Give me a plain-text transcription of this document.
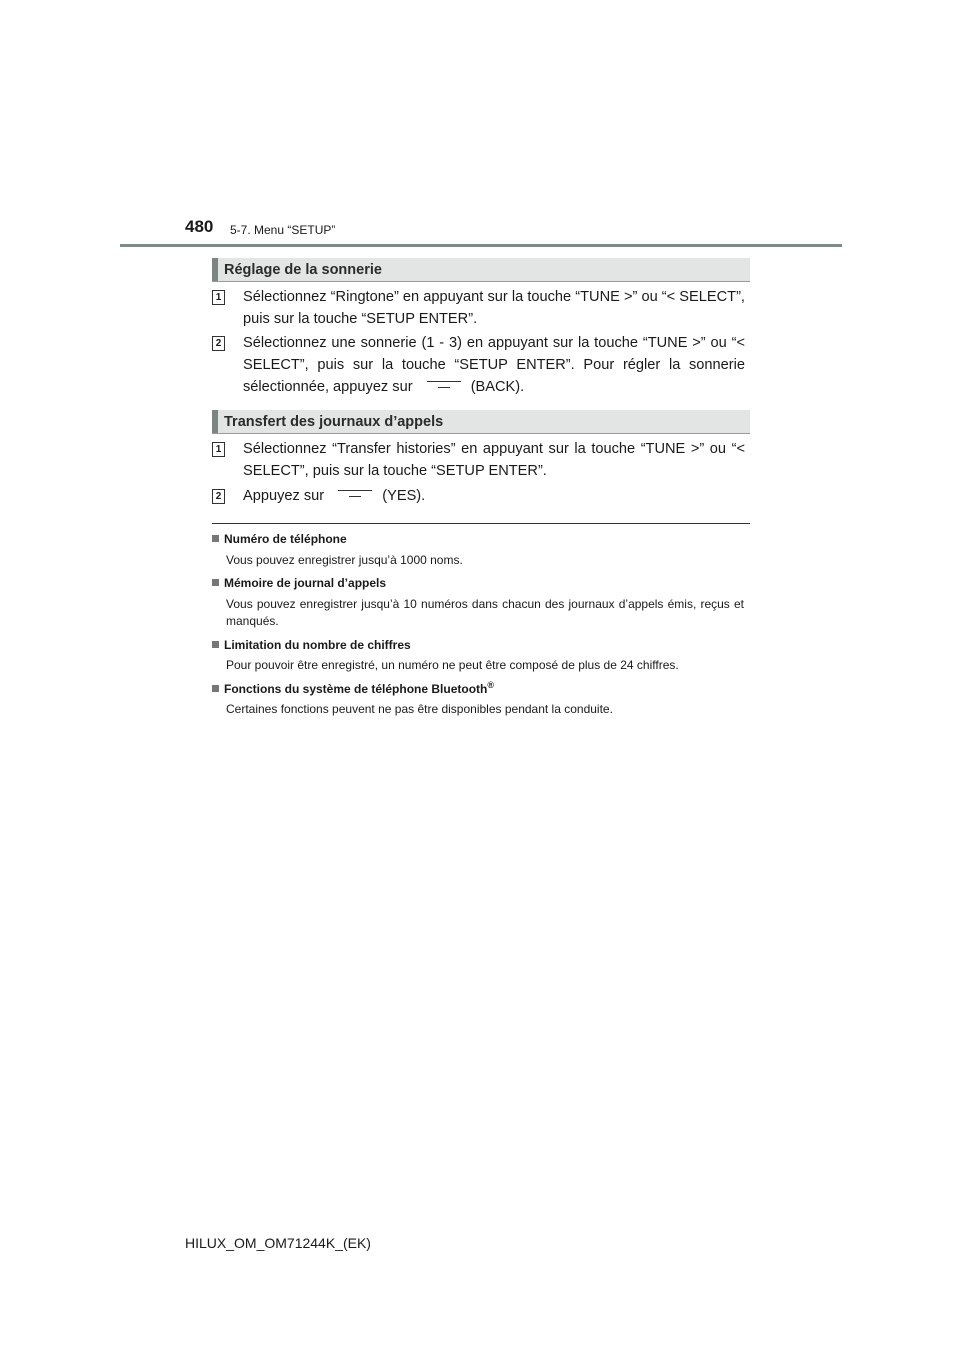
480 5-7. Menu “SETUP”
Réglage de la sonnerie
1 Sélectionnez “Ringtone” en appuyant sur la touche “TUNE >” ou “< SELECT”, puis sur la touche “SETUP ENTER”.
2 Sélectionnez une sonnerie (1 - 3) en appuyant sur la touche “TUNE >” ou “< SELECT”, puis sur la touche “SETUP ENTER”. Pour régler la sonnerie sélectionnée, appuyez sur	(BACK).
Transfert des journaux d’appels
1 Sélectionnez “Transfer histories” en appuyant sur la touche “TUNE >” ou “< SELECT”, puis sur la touche “SETUP ENTER”.
2 Appuyez sur	(YES).
Numéro de téléphone
Vous pouvez enregistrer jusqu’à 1000 noms.
Mémoire de journal d’appels
Vous pouvez enregistrer jusqu’à 10 numéros dans chacun des journaux d’appels émis, reçus et manqués.
Limitation du nombre de chiffres
Pour pouvoir être enregistré, un numéro ne peut être composé de plus de 24 chiffres.
Fonctions du système de téléphone Bluetooth®
Certaines fonctions peuvent ne pas être disponibles pendant la conduite.
HILUX_OM_OM71244K_(EK)
